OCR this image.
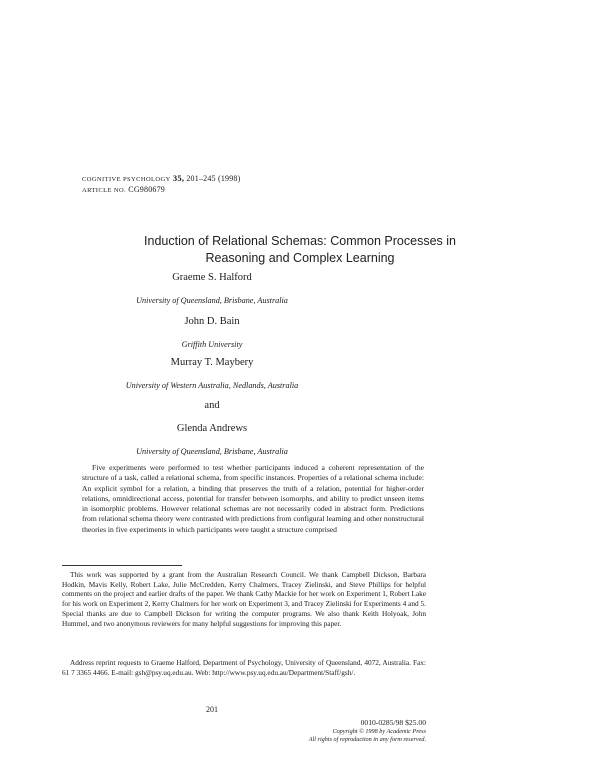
COGNITIVE PSYCHOLOGY 35, 201–245 (1998)
ARTICLE NO. CG980679
Induction of Relational Schemas: Common Processes in
Reasoning and Complex Learning
Graeme S. Halford
University of Queensland, Brisbane, Australia
John D. Bain
Griffith University
Murray T. Maybery
University of Western Australia, Nedlands, Australia
and
Glenda Andrews
University of Queensland, Brisbane, Australia

Five experiments were performed to test whether participants induced a coherent representation of the structure of a task, called a relational schema, from specific instances. Properties of a relational schema include: An explicit symbol for a relation, a binding that preserves the truth of a relation, potential for higher-order relations, omnidirectional access, potential for transfer between isomorphs, and ability to predict unseen items in isomorphic problems. However relational schemas are not necessarily coded in abstract form. Predictions from relational schema theory were contrasted with predictions from configural learning and other nonstructural theories in five experiments in which participants were taught a structure comprised

This work was supported by a grant from the Australian Research Council. We thank Campbell Dickson, Barbara Hodkin, Mavis Kelly, Robert Lake, Julie McCredden, Kerry Chalmers, Tracey Zielinski, and Steve Phillips for helpful comments on the project and earlier drafts of the paper. We thank Cathy Mackie for her work on Experiment 1, Robert Lake for his work on Experiment 2, Kerry Chalmers for her work on Experiment 3, and Tracey Zielinski for Experiments 4 and 5. Special thanks are due to Campbell Dickson for writing the computer programs. We also thank Keith Holyoak, John Hummel, and two anonymous reviewers for many helpful suggestions for improving this paper.

Address reprint requests to Graeme Halford, Department of Psychology, University of Queensland, 4072, Australia. Fax: 61 7 3365 4466. E-mail: gsh@psy.uq.edu.au. Web: http://www.psy.uq.edu.au/Department/Staff/gsh/.

201
0010-0285/98 $25.00
Copyright © 1998 by Academic Press
All rights of reproduction in any form reserved.
